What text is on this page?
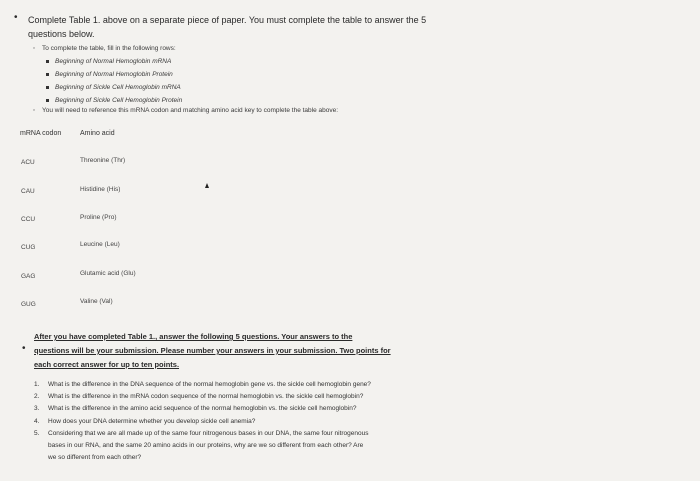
• Complete Table 1. above on a separate piece of paper. You must complete the table to answer the 5
questions below.
◦ To complete the table, fill in the following rows:
Beginning of Normal Hemoglobin mRNA
Beginning of Normal Hemoglobin Protein
Beginning of Sickle Cell Hemoglobin mRNA
Beginning of Sickle Cell Hemoglobin Protein
◦ You will need to reference this mRNA codon and matching amino acid key to complete the table above:
mRNA codon	Amino acid
ACU	Threonine (Thr)
CAU	Histidine (His)
CCU	Proline (Pro)
CUG	Leucine (Leu)
GAG	Glutamic acid (Glu)
GUG	Valine (Val)
•
After you have completed Table 1., answer the following 5 questions. Your answers to the
questions will be your submission. Please number your answers in your submission. Two points for
each correct answer for up to ten points.
1. What is the difference in the DNA sequence of the normal hemoglobin gene vs. the sickle cell hemoglobin gene?
2. What is the difference in the mRNA codon sequence of the normal hemoglobin vs. the sickle cell hemoglobin?
3. What is the difference in the amino acid sequence of the normal hemoglobin vs. the sickle cell hemoglobin?
4. How does your DNA determine whether you develop sickle cell anemia?
5. Considering that we are all made up of the same four nitrogenous bases in our DNA, the same four nitrogenous
bases in our RNA, and the same 20 amino acids in our proteins, why are we so different from each other? Are
we so different from each other?
